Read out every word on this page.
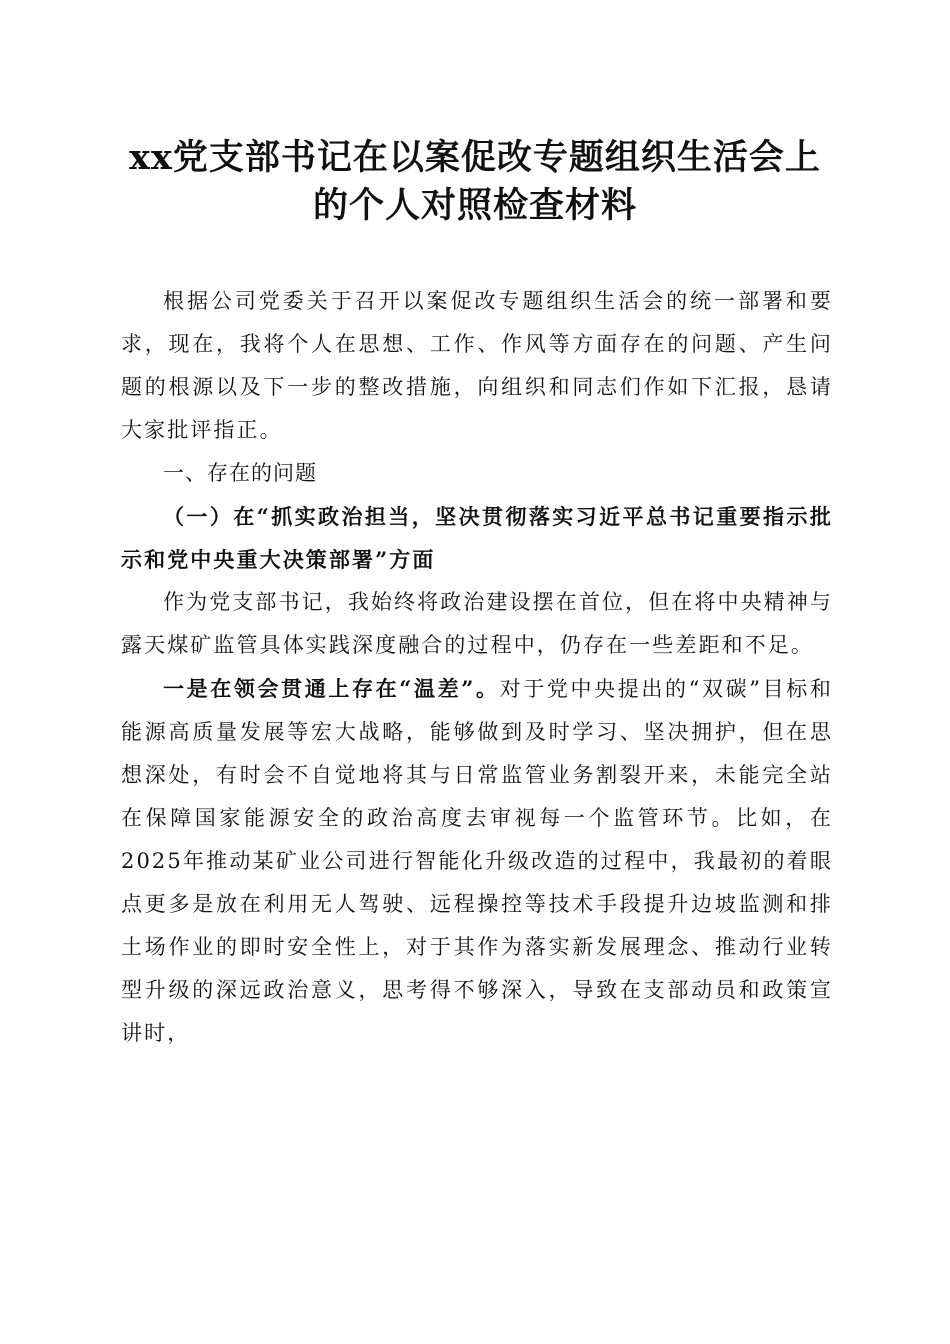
xx党支部书记在以案促改专题组织生活会上
的个人对照检查材料

根据公司党委关于召开以案促改专题组织生活会的统一部署和要求，现在，我将个人在思想、工作、作风等方面存在的问题、产生问题的根源以及下一步的整改措施，向组织和同志们作如下汇报，恳请大家批评指正。

一、存在的问题

（一）在“抓实政治担当，坚决贯彻落实习近平总书记重要指示批示和党中央重大决策部署”方面

作为党支部书记，我始终将政治建设摆在首位，但在将中央精神与露天煤矿监管具体实践深度融合的过程中，仍存在一些差距和不足。

一是在领会贯通上存在“温差”。对于党中央提出的“双碳”目标和能源高质量发展等宏大战略，能够做到及时学习、坚决拥护，但在思想深处，有时会不自觉地将其与日常监管业务割裂开来，未能完全站在保障国家能源安全的政治高度去审视每一个监管环节。比如，在2025年推动某矿业公司进行智能化升级改造的过程中，我最初的着眼点更多是放在利用无人驾驶、远程操控等技术手段提升边坡监测和排土场作业的即时安全性上，对于其作为落实新发展理念、推动行业转型升级的深远政治意义，思考得不够深入，导致在支部动员和政策宣讲时，
